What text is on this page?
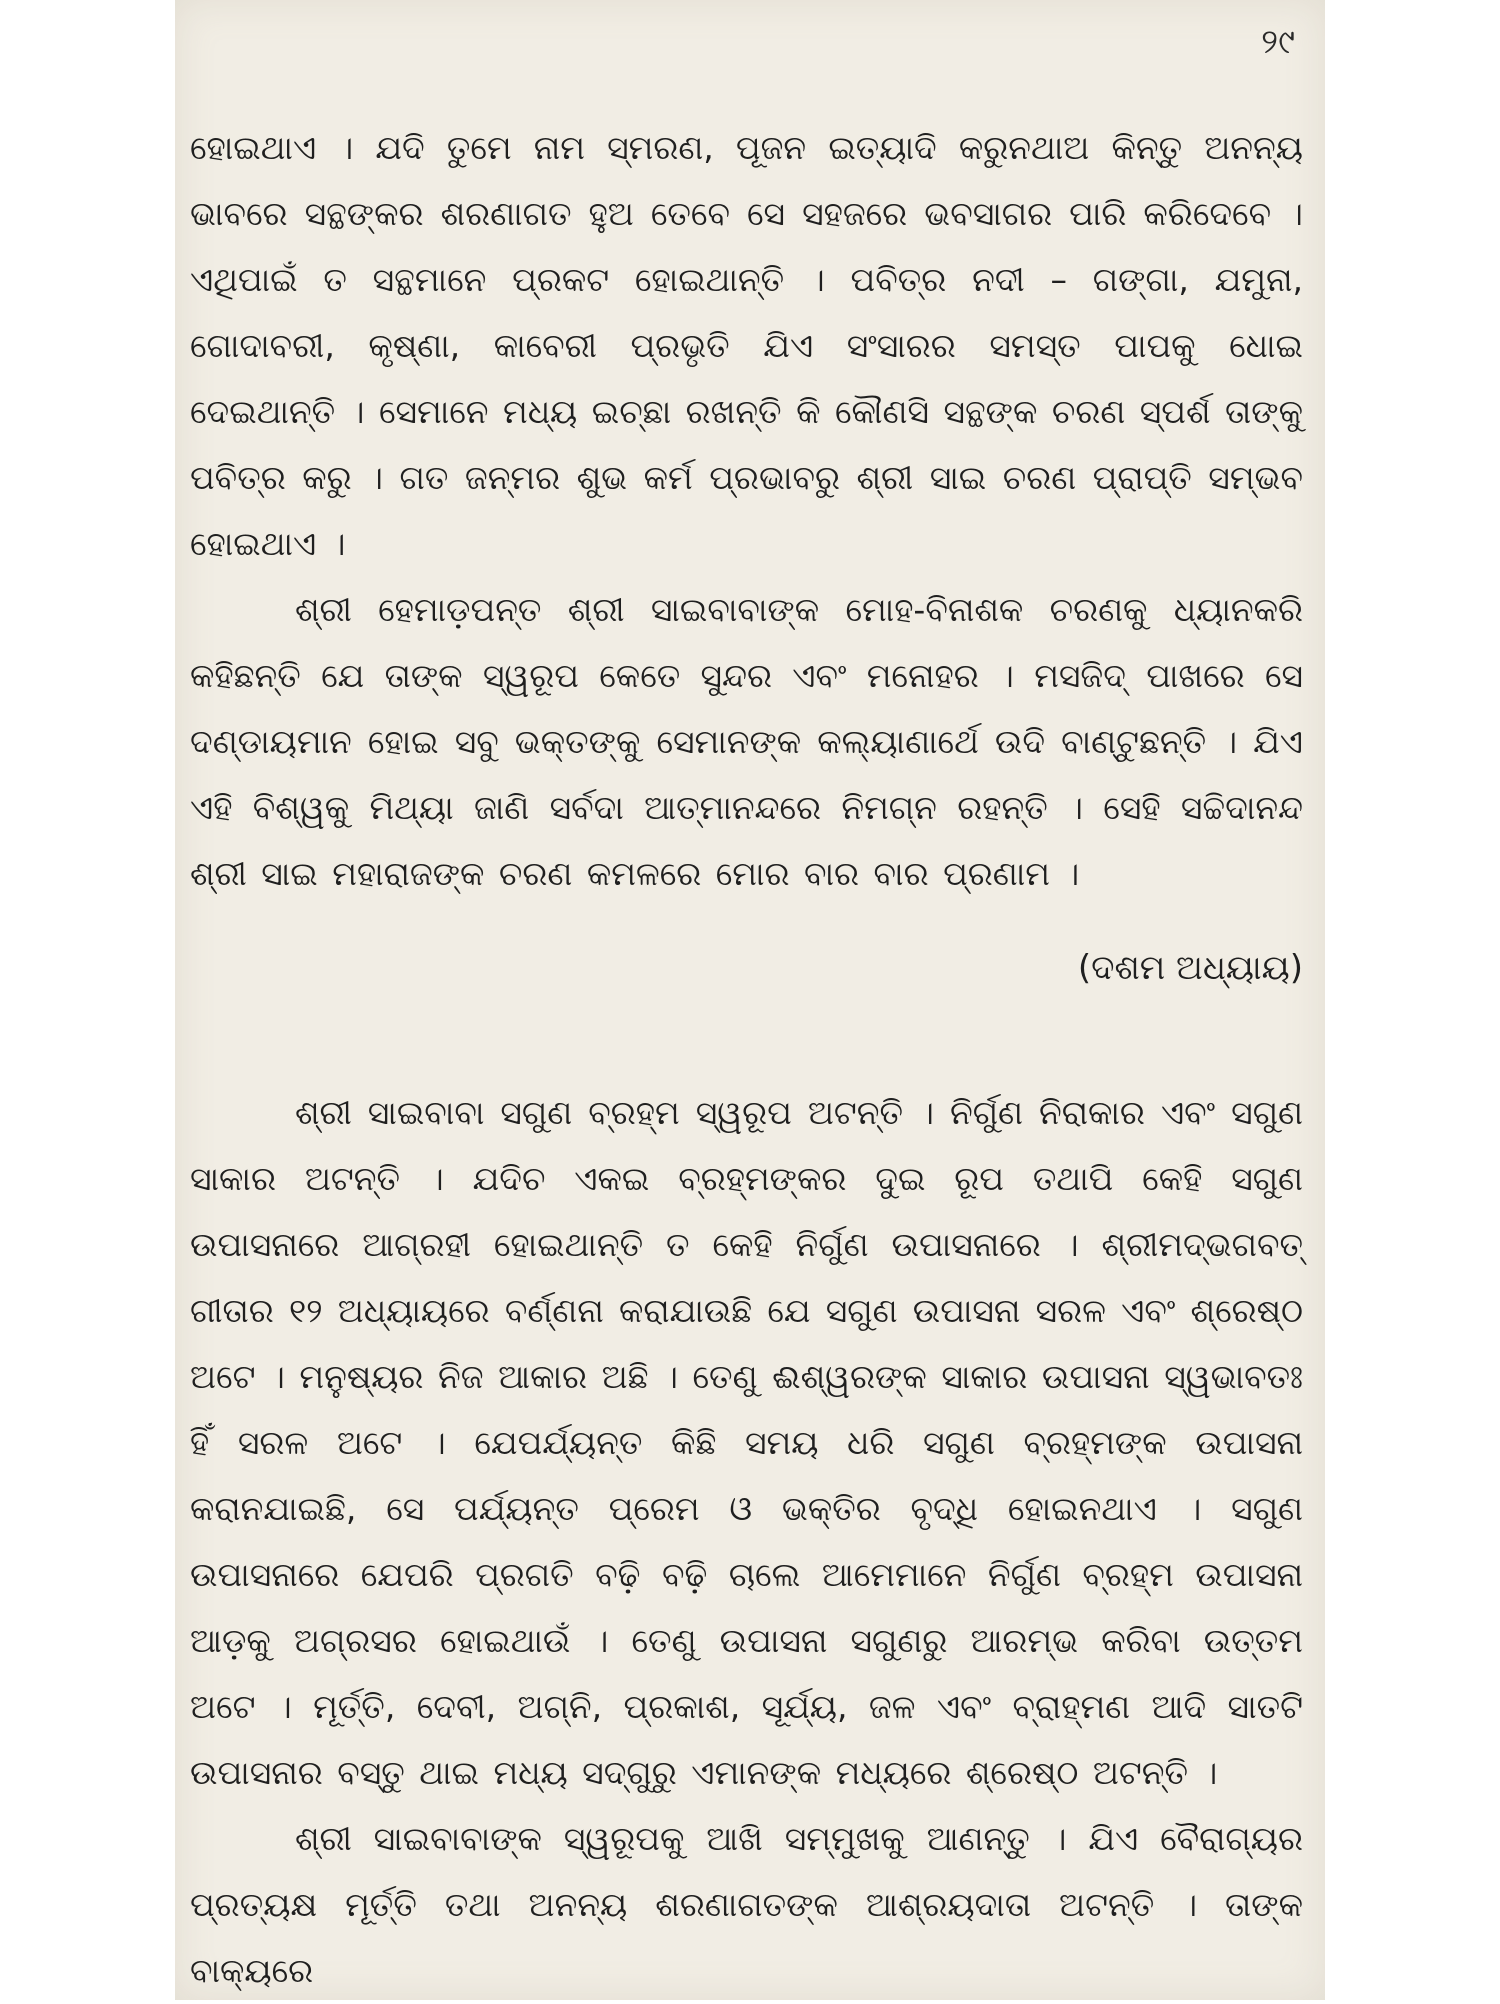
୨୯

ହୋଇଥାଏ । ଯଦି ତୁମେ ନାମ ସ୍ମରଣ, ପୂଜନ ଇତ୍ୟାଦି କରୁନଥାଅ କିନ୍ତୁ ଅନନ୍ୟ ଭାବରେ ସନ୍ଥଙ୍କର ଶରଣାଗତ ହୁଅ ତେବେ ସେ ସହଜରେ ଭବସାଗର ପାରି କରିଦେବେ । ଏଥିପାଇଁ ତ ସନ୍ଥମାନେ ପ୍ରକଟ ହୋଇଥାନ୍ତି । ପବିତ୍ର ନଦୀ – ଗଙ୍ଗା, ଯମୁନା, ଗୋଦାବରୀ, କୃଷ୍ଣା, କାବେରୀ ପ୍ରଭୃତି ଯିଏ ସଂସାରର ସମସ୍ତ ପାପକୁ ଧୋଇ ଦେଇଥାନ୍ତି । ସେମାନେ ମଧ୍ୟ ଇଚ୍ଛା ରଖନ୍ତି କି କୌଣସି ସନ୍ଥଙ୍କ ଚରଣ ସ୍ପର୍ଶ ତାଙ୍କୁ ପବିତ୍ର କରୁ । ଗତ ଜନ୍ମର ଶୁଭ କର୍ମ ପ୍ରଭାବରୁ ଶ୍ରୀ ସାଇ ଚରଣ ପ୍ରାପ୍ତି ସମ୍ଭବ ହୋଇଥାଏ ।

ଶ୍ରୀ ହେମାଡ଼ପନ୍ତ ଶ୍ରୀ ସାଇବାବାଙ୍କ ମୋହ-ବିନାଶକ ଚରଣକୁ ଧ୍ୟାନକରି କହିଛନ୍ତି ଯେ ତାଙ୍କ ସ୍ୱରୂପ କେତେ ସୁନ୍ଦର ଏବଂ ମନୋହର । ମସଜିଦ୍ ପାଖରେ ସେ ଦଣ୍ଡାୟମାନ ହୋଇ ସବୁ ଭକ୍ତଙ୍କୁ ସେମାନଙ୍କ କଲ୍ୟାଣାର୍ଥେ ଉଦି ବାଣ୍ଟୁଛନ୍ତି । ଯିଏ ଏହି ବିଶ୍ୱକୁ ମିଥ୍ୟା ଜାଣି ସର୍ବଦା ଆତ୍ମାନନ୍ଦରେ ନିମଗ୍ନ ରହନ୍ତି । ସେହି ସଚ୍ଚିଦାନନ୍ଦ ଶ୍ରୀ ସାଇ ମହାରାଜଙ୍କ ଚରଣ କମଳରେ ମୋର ବାର ବାର ପ୍ରଣାମ ।

(ଦଶମ ଅଧ୍ୟାୟ)

ଶ୍ରୀ ସାଇବାବା ସଗୁଣ ବ୍ରହ୍ମ ସ୍ୱରୂପ ଅଟନ୍ତି । ନିର୍ଗୁଣ ନିରାକାର ଏବଂ ସଗୁଣ ସାକାର ଅଟନ୍ତି । ଯଦିଚ ଏକଇ ବ୍ରହ୍ମଙ୍କର ଦୁଇ ରୂପ ତଥାପି କେହି ସଗୁଣ ଉପାସନାରେ ଆଗ୍ରହୀ ହୋଇଥାନ୍ତି ତ କେହି ନିର୍ଗୁଣ ଉପାସନାରେ । ଶ୍ରୀମଦ୍ଭଗବତ୍ ଗୀତାର ୧୨ ଅଧ୍ୟାୟରେ ବର୍ଣ୍ଣନା କରାଯାଉଛି ଯେ ସଗୁଣ ଉପାସନା ସରଳ ଏବଂ ଶ୍ରେଷ୍ଠ ଅଟେ । ମନୁଷ୍ୟର ନିଜ ଆକାର ଅଛି । ତେଣୁ ଈଶ୍ୱରଙ୍କ ସାକାର ଉପାସନା ସ୍ୱଭାବତଃ ହିଁ ସରଳ ଅଟେ । ଯେପର୍ଯ୍ୟନ୍ତ କିଛି ସମୟ ଧରି ସଗୁଣ ବ୍ରହ୍ମଙ୍କ ଉପାସନା କରାନଯାଇଛି, ସେ ପର୍ଯ୍ୟନ୍ତ ପ୍ରେମ ଓ ଭକ୍ତିର ବୃଦ୍ଧି ହୋଇନଥାଏ । ସଗୁଣ ଉପାସନାରେ ଯେପରି ପ୍ରଗତି ବଢ଼ି ବଢ଼ି ଚାଲେ ଆମେମାନେ ନିର୍ଗୁଣ ବ୍ରହ୍ମ ଉପାସନା ଆଡ଼କୁ ଅଗ୍ରସର ହୋଇଥାଉଁ । ତେଣୁ ଉପାସନା ସଗୁଣରୁ ଆରମ୍ଭ କରିବା ଉତ୍ତମ ଅଟେ । ମୂର୍ତ୍ତି, ଦେବୀ, ଅଗ୍ନି, ପ୍ରକାଶ, ସୂର୍ଯ୍ୟ, ଜଳ ଏବଂ ବ୍ରାହ୍ମଣ ଆଦି ସାତଟି ଉପାସନାର ବସ୍ତୁ ଥାଇ ମଧ୍ୟ ସଦ୍ଗୁରୁ ଏମାନଙ୍କ ମଧ୍ୟରେ ଶ୍ରେଷ୍ଠ ଅଟନ୍ତି ।

ଶ୍ରୀ ସାଇବାବାଙ୍କ ସ୍ୱରୂପକୁ ଆଖି ସମ୍ମୁଖକୁ ଆଣନ୍ତୁ । ଯିଏ ବୈରାଗ୍ୟର ପ୍ରତ୍ୟକ୍ଷ ମୂର୍ତ୍ତି ତଥା ଅନନ୍ୟ ଶରଣାଗତଙ୍କ ଆଶ୍ରୟଦାତା ଅଟନ୍ତି । ତାଙ୍କ ବାକ୍ୟରେ
